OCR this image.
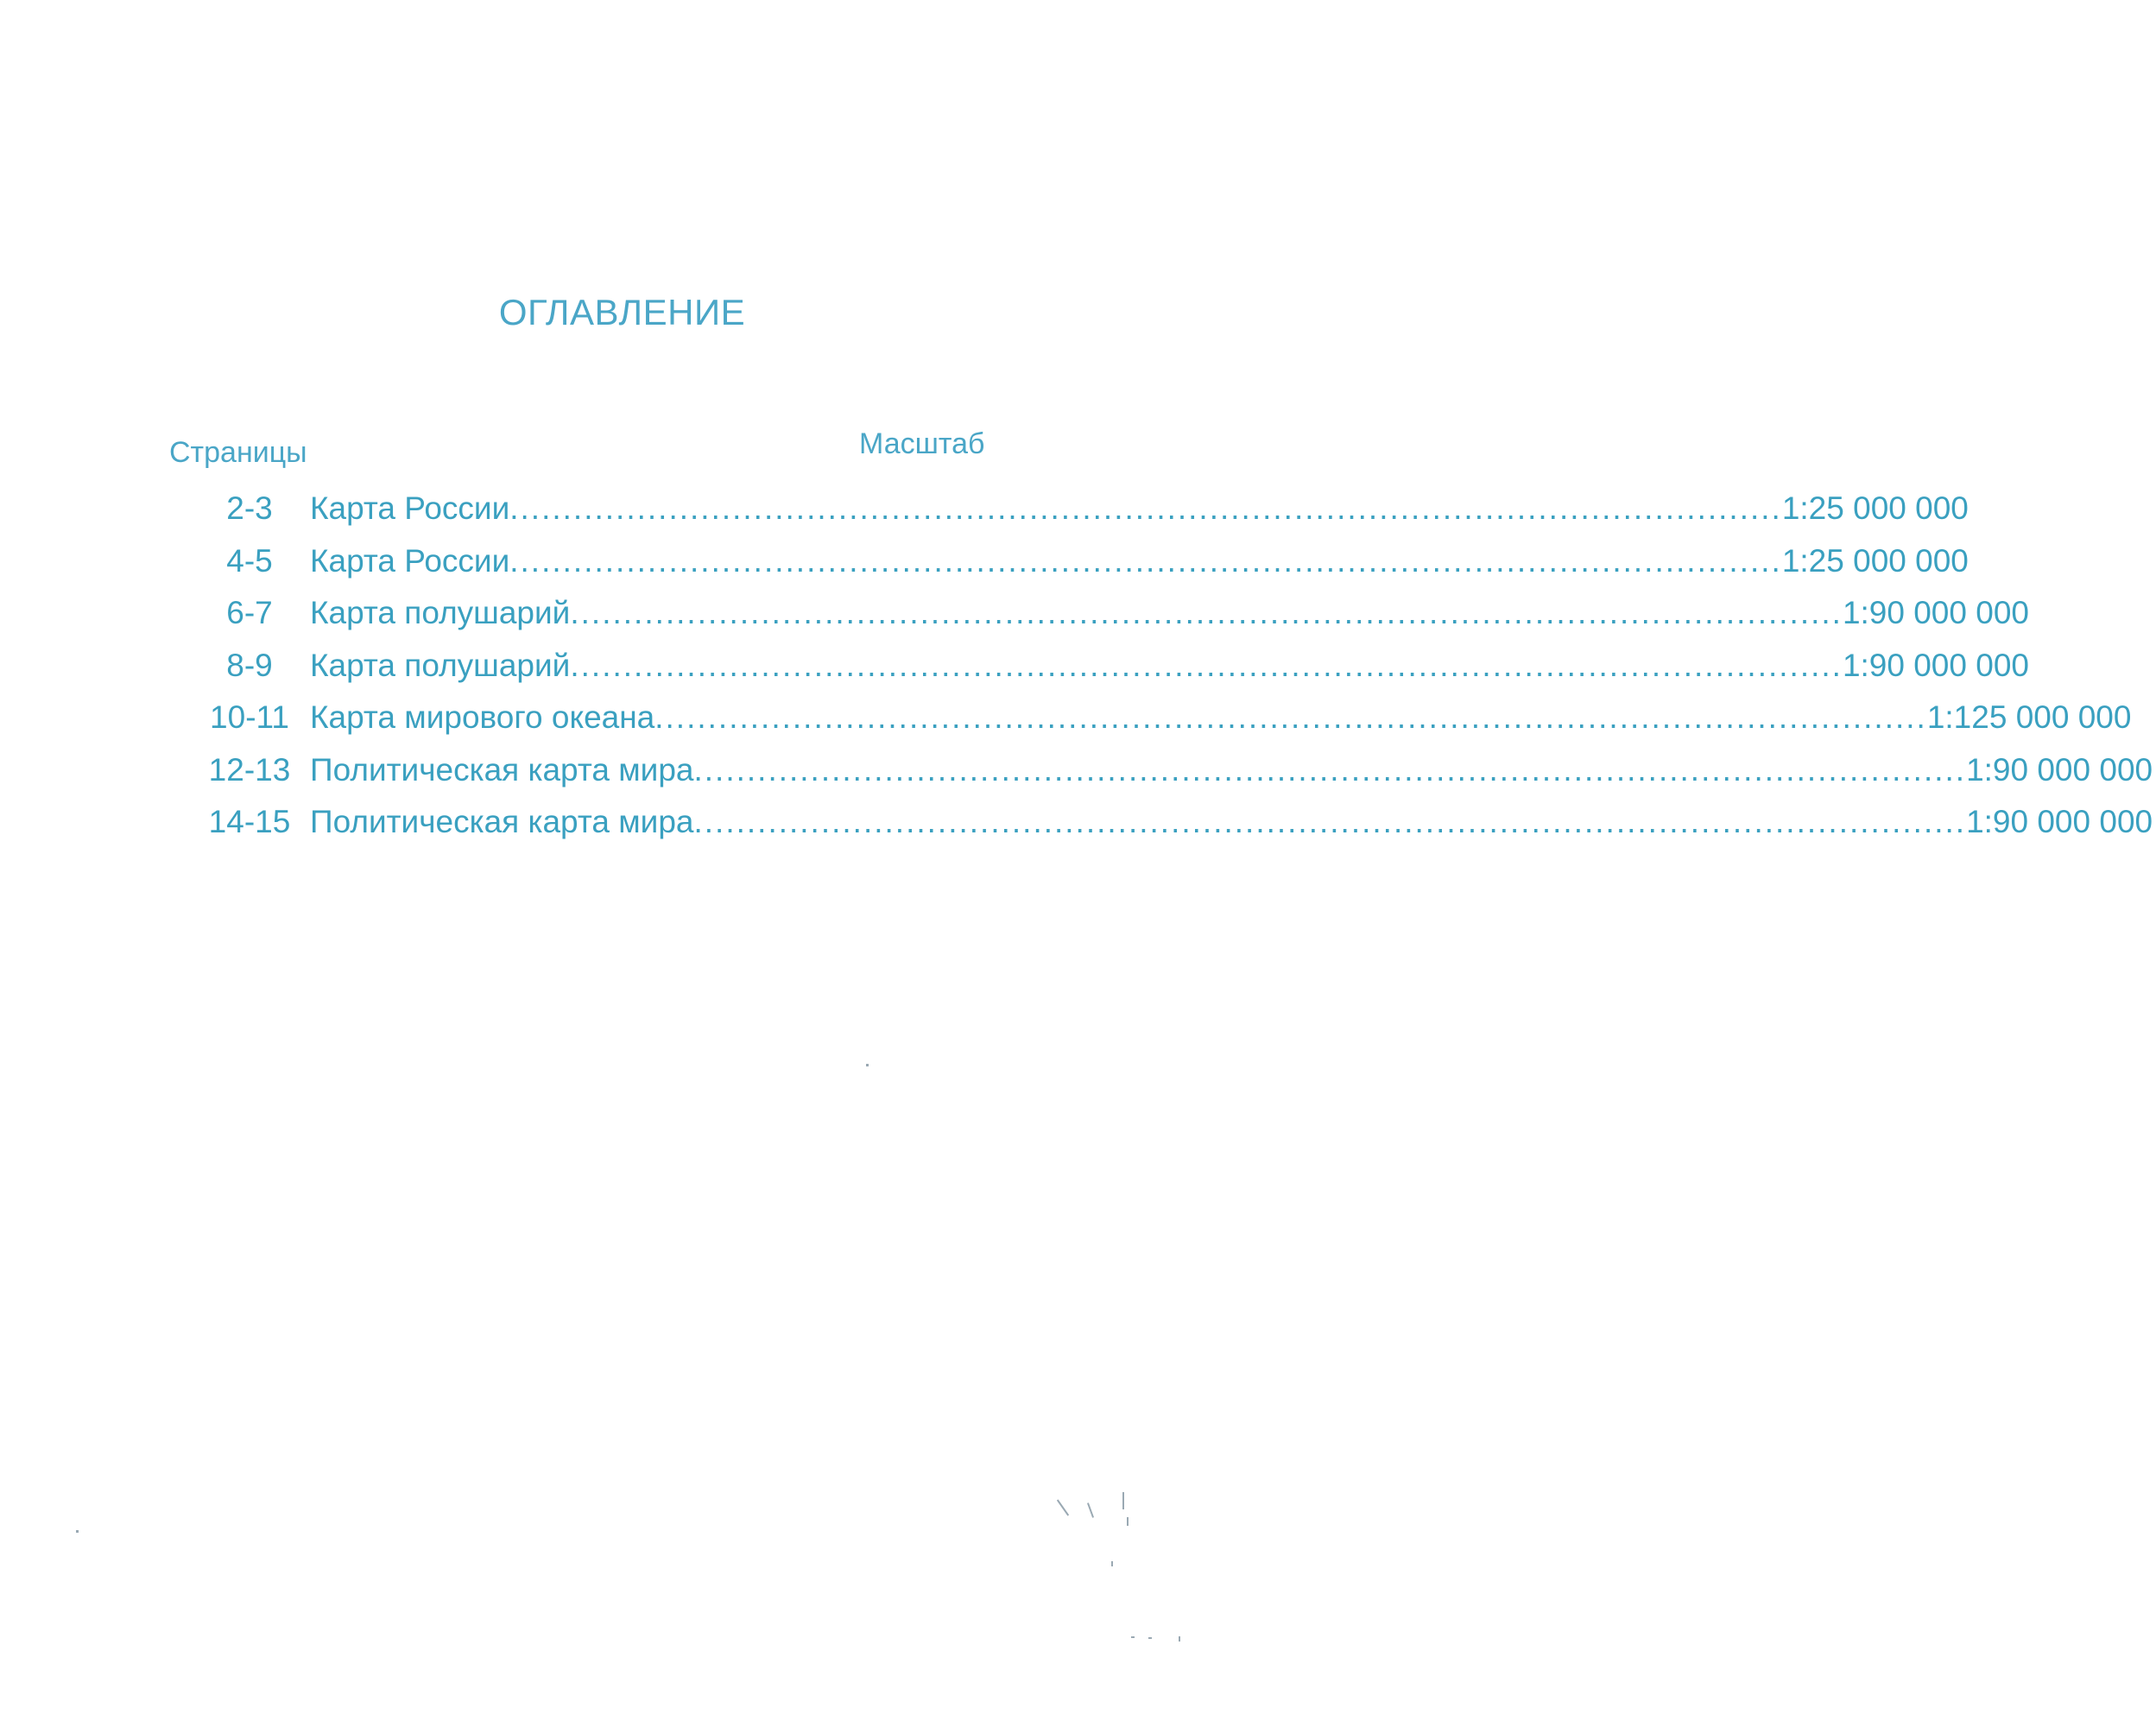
ОГЛАВЛЕНИЕ
Страницы	Масштаб
2-3	Карта России ........................................................................................................................ 1:25 000 000
4-5	Карта России ........................................................................................................................ 1:25 000 000
6-7	Карта полушарий ........................................................................................................................ 1:90 000 000
8-9	Карта полушарий ........................................................................................................................ 1:90 000 000
10-11 Карта мирового океана ........................................................................................................................ 1:125 000 000
12-13 Политическая карта мира ........................................................................................................................ 1:90 000 000
14-15 Политическая карта мира ........................................................................................................................ 1:90 000 000
